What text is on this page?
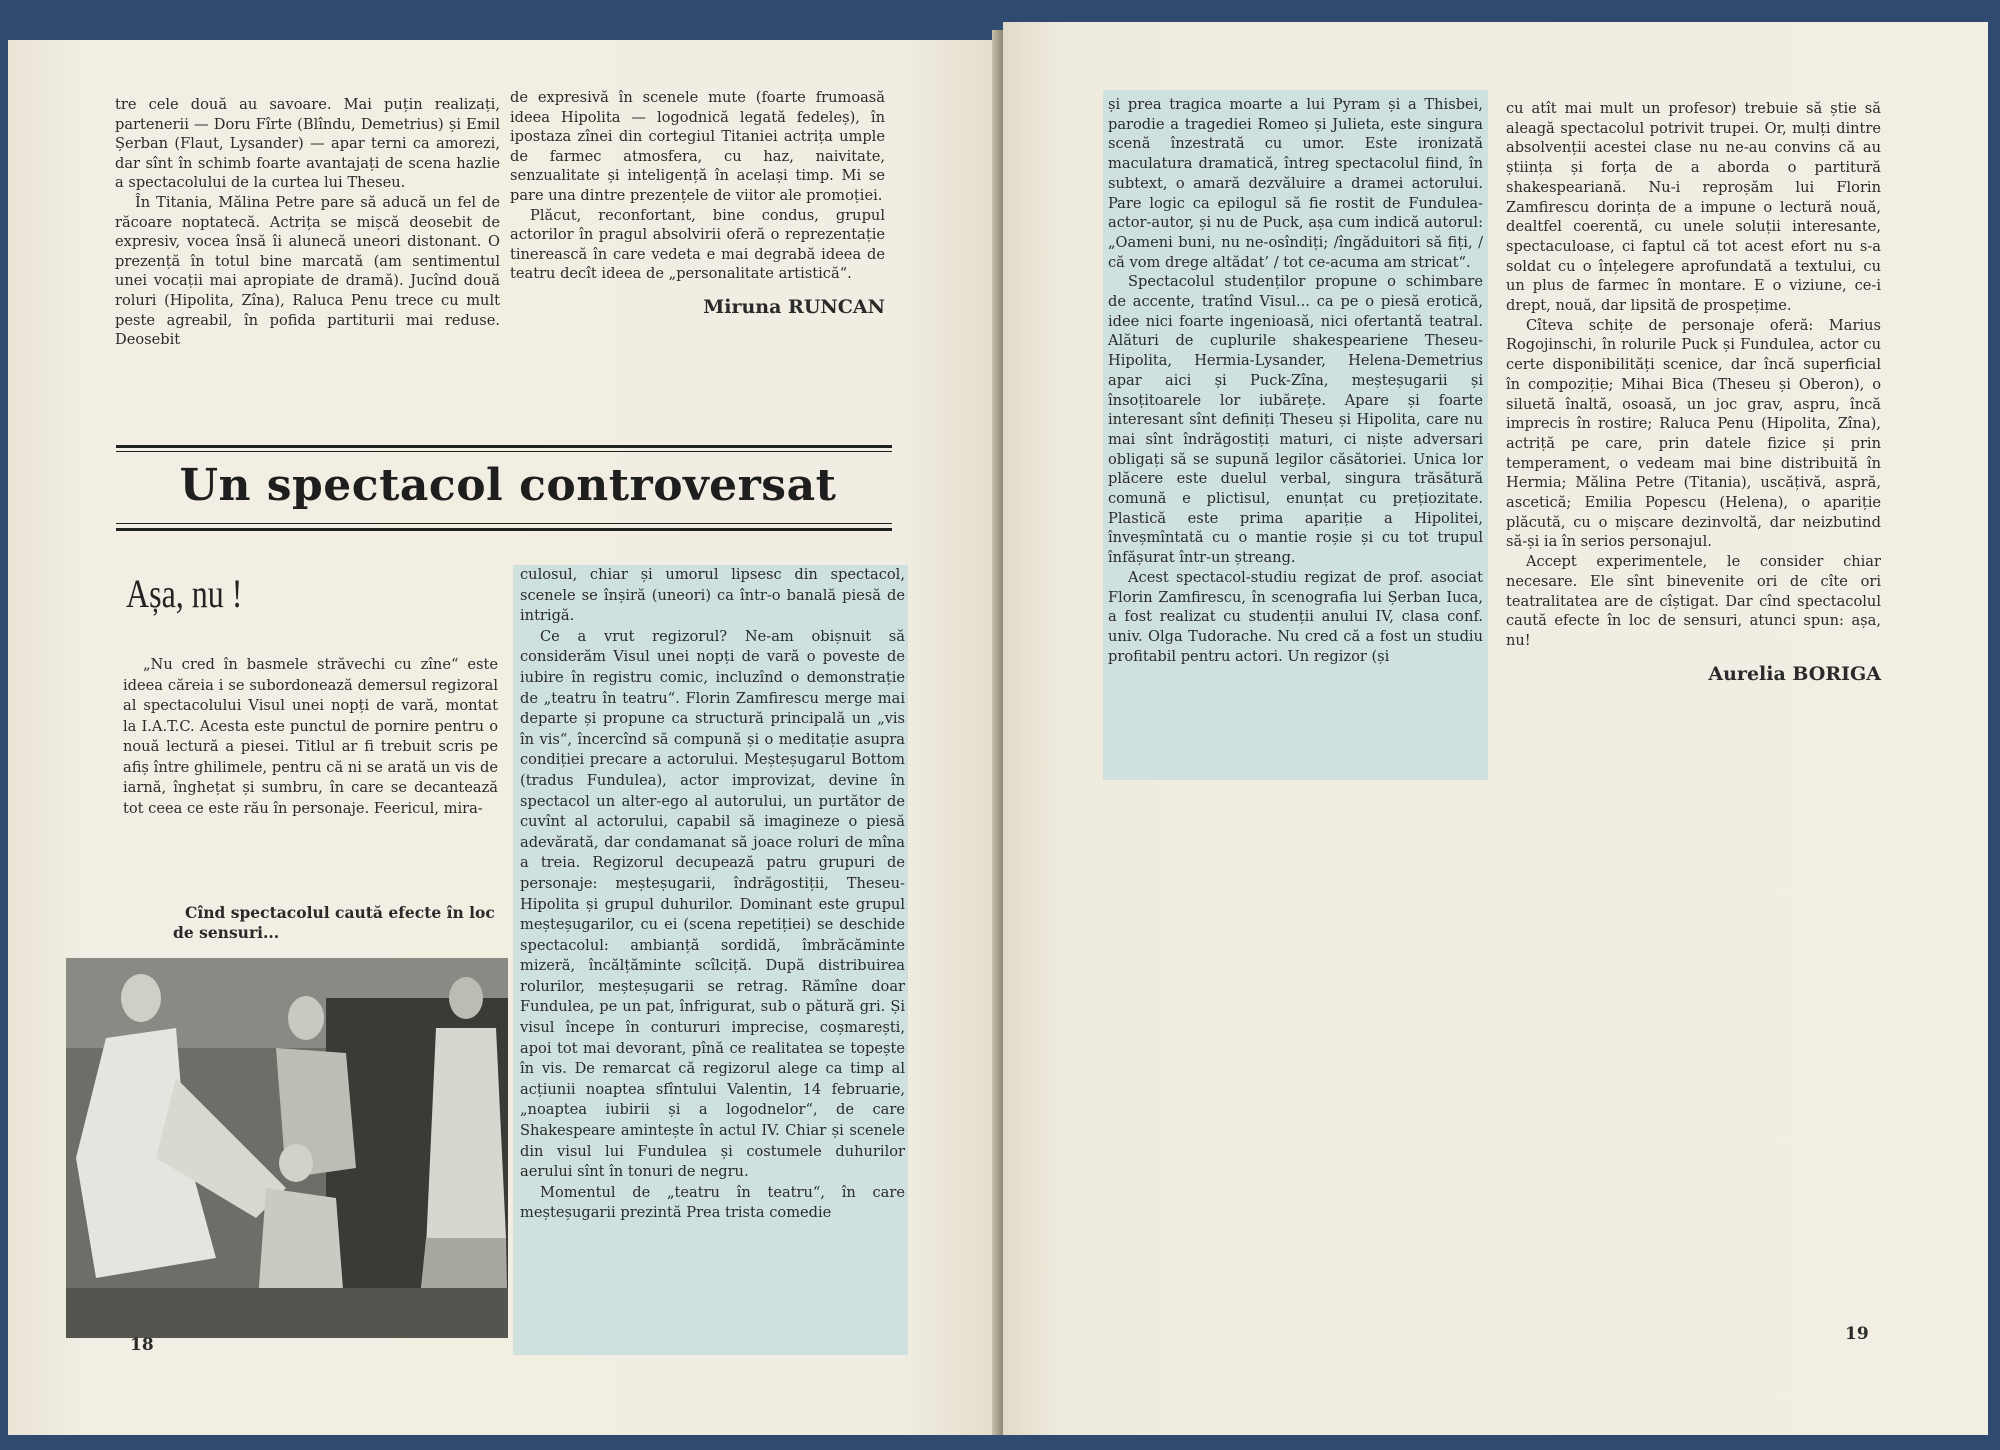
tre cele două au savoare. Mai puțin realizați, partenerii — Doru Fîrte (Blîndu, Demetrius) și Emil Șerban (Flaut, Lysander) — apar terni ca amorezi, dar sînt în schimb foarte avantajați de scena hazlie a spectacolului de la curtea lui Theseu.

În Titania, Mălina Petre pare să aducă un fel de răcoare noptatecă. Actrița se mișcă deosebit de expresiv, vocea însă îi alunecă uneori distonant. O prezență în totul bine marcată (am sentimentul unei vocații mai apropiate de dramă). Jucînd două roluri (Hipolita, Zîna), Raluca Penu trece cu mult peste agreabil, în pofida partiturii mai reduse. Deosebit

de expresivă în scenele mute (foarte frumoasă ideea Hipolita — logodnică legată fedeleș), în ipostaza zînei din cortegiul Titaniei actrița umple de farmec atmosfera, cu haz, naivitate, senzualitate și inteligență în același timp. Mi se pare una dintre prezențele de viitor ale promoției.

Plăcut, reconfortant, bine condus, grupul actorilor în pragul absolvirii oferă o reprezentație tinerească în care vedeta e mai degrabă ideea de teatru decît ideea de „personalitate artistică“.

Miruna RUNCAN
Un spectacol controversat
Așa, nu !

„Nu cred în basmele străvechi cu zîne“ este ideea căreia i se subordonează demersul regizoral al spectacolului Visul unei nopți de vară, montat la I.A.T.C. Acesta este punctul de pornire pentru o nouă lectură a piesei. Titlul ar fi trebuit scris pe afiș între ghilimele, pentru că ni se arată un vis de iarnă, înghețat și sumbru, în care se decantează tot ceea ce este rău în personaje. Feericul, mira-

Cînd spectacolul caută efecte în loc de sensuri...

culosul, chiar și umorul lipsesc din spectacol, scenele se înșiră (uneori) ca într-o banală piesă de intrigă.

Ce a vrut regizorul? Ne-am obișnuit să considerăm Visul unei nopți de vară o poveste de iubire în registru comic, incluzînd o demonstrație de „teatru în teatru“. Florin Zamfirescu merge mai departe și propune ca structură principală un „vis în vis“, încercînd să compună și o meditație asupra condiției precare a actorului. Meșteșugarul Bottom (tradus Fundulea), actor improvizat, devine în spectacol un alter-ego al autorului, un purtător de cuvînt al actorului, capabil să imagineze o piesă adevărată, dar condamanat să joace roluri de mîna a treia. Regizorul decupează patru grupuri de personaje: meșteșugarii, îndrăgostiții, Theseu-Hipolita și grupul duhurilor. Dominant este grupul meșteșugarilor, cu ei (scena repetiției) se deschide spectacolul: ambianță sordidă, îmbrăcăminte mizeră, încălțăminte scîlciță. După distribuirea rolurilor, meșteșugarii se retrag. Rămîne doar Fundulea, pe un pat, înfrigurat, sub o pătură gri. Și visul începe în contururi imprecise, coșmarești, apoi tot mai devorant, pînă ce realitatea se topește în vis. De remarcat că regizorul alege ca timp al acțiunii noaptea sfîntului Valentin, 14 februarie, „noaptea iubirii și a logodnelor“, de care Shakespeare amintește în actul IV. Chiar și scenele din visul lui Fundulea și costumele duhurilor aerului sînt în tonuri de negru.

Momentul de „teatru în teatru“, în care meșteșugarii prezintă Prea trista comedie

18

și prea tragica moarte a lui Pyram și a Thisbei, parodie a tragediei Romeo și Julieta, este singura scenă înzestrată cu umor. Este ironizată maculatura dramatică, întreg spectacolul fiind, în subtext, o amară dezvăluire a dramei actorului. Pare logic ca epilogul să fie rostit de Fundulea-actor-autor, și nu de Puck, așa cum indică autorul: „Oameni buni, nu ne-osîndiți; /îngăduitori să fiți, / că vom drege altădat’ / tot ce-acuma am stricat“.

Spectacolul studenților propune o schimbare de accente, tratînd Visul... ca pe o piesă erotică, idee nici foarte ingenioasă, nici ofertantă teatral. Alături de cuplurile shakespeariene Theseu-Hipolita, Hermia-Lysander, Helena-Demetrius apar aici și Puck-Zîna, meșteșugarii și însoțitoarele lor iubărețe. Apare și foarte interesant sînt definiți Theseu și Hipolita, care nu mai sînt îndrăgostiți maturi, ci niște adversari obligați să se supună legilor căsătoriei. Unica lor plăcere este duelul verbal, singura trăsătură comună e plictisul, enunțat cu prețiozitate. Plastică este prima apariție a Hipolitei, înveșmîntată cu o mantie roșie și cu tot trupul înfășurat într-un ștreang.

Acest spectacol-studiu regizat de prof. asociat Florin Zamfirescu, în scenografia lui Șerban Iuca, a fost realizat cu studenții anului IV, clasa conf. univ. Olga Tudorache. Nu cred că a fost un studiu profitabil pentru actori. Un regizor (și

cu atît mai mult un profesor) trebuie să știe să aleagă spectacolul potrivit trupei. Or, mulți dintre absolvenții acestei clase nu ne-au convins că au știința și forța de a aborda o partitură shakespeariană. Nu-i reproșăm lui Florin Zamfirescu dorința de a impune o lectură nouă, dealtfel coerentă, cu unele soluții interesante, spectaculoase, ci faptul că tot acest efort nu s-a soldat cu o înțelegere aprofundată a textului, cu un plus de farmec în montare. E o viziune, ce-i drept, nouă, dar lipsită de prospețime.

Cîteva schițe de personaje oferă: Marius Rogojinschi, în rolurile Puck și Fundulea, actor cu certe disponibilități scenice, dar încă superficial în compoziție; Mihai Bica (Theseu și Oberon), o siluetă înaltă, osoasă, un joc grav, aspru, încă imprecis în rostire; Raluca Penu (Hipolita, Zîna), actriță pe care, prin datele fizice și prin temperament, o vedeam mai bine distribuită în Hermia; Mălina Petre (Titania), uscățivă, aspră, ascetică; Emilia Popescu (Helena), o apariție plăcută, cu o mișcare dezinvoltă, dar neizbutind să-și ia în serios personajul.

Accept experimentele, le consider chiar necesare. Ele sînt binevenite ori de cîte ori teatralitatea are de cîștigat. Dar cînd spectacolul caută efecte în loc de sensuri, atunci spun: așa, nu!

Aurelia BORIGA
19
